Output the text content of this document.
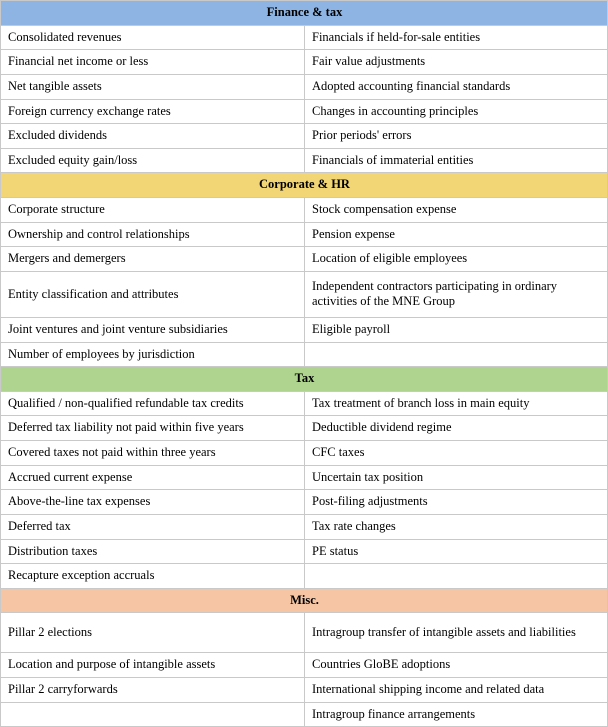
Finance & tax	
Consolidated revenues	Financials if held-for-sale entities
Financial net income or less	Fair value adjustments
Net tangible assets	Adopted accounting financial standards
Foreign currency exchange rates	Changes in accounting principles
Excluded dividends	Prior periods' errors
Excluded equity gain/loss	Financials of immaterial entities
Corporate & HR	
Corporate structure	Stock compensation expense
Ownership and control relationships	Pension expense
Mergers and demergers	Location of eligible employees
Entity classification and attributes	Independent contractors participating in ordinary activities of the MNE Group
Joint ventures and joint venture subsidiaries	Eligible payroll
Number of employees by jurisdiction	
Tax	
Qualified / non-qualified refundable tax credits	Tax treatment of branch loss in main equity
Deferred tax liability not paid within five years	Deductible dividend regime
Covered taxes not paid within three years	CFC taxes
Accrued current expense	Uncertain tax position
Above-the-line tax expenses	Post-filing adjustments
Deferred tax	Tax rate changes
Distribution taxes	PE status
Recapture exception accruals	
Misc.	
Pillar 2 elections	Intragroup transfer of intangible assets and liabilities
Location and purpose of intangible assets	Countries GloBE adoptions
Pillar 2 carryforwards	International shipping income and related data
	Intragroup finance arrangements
